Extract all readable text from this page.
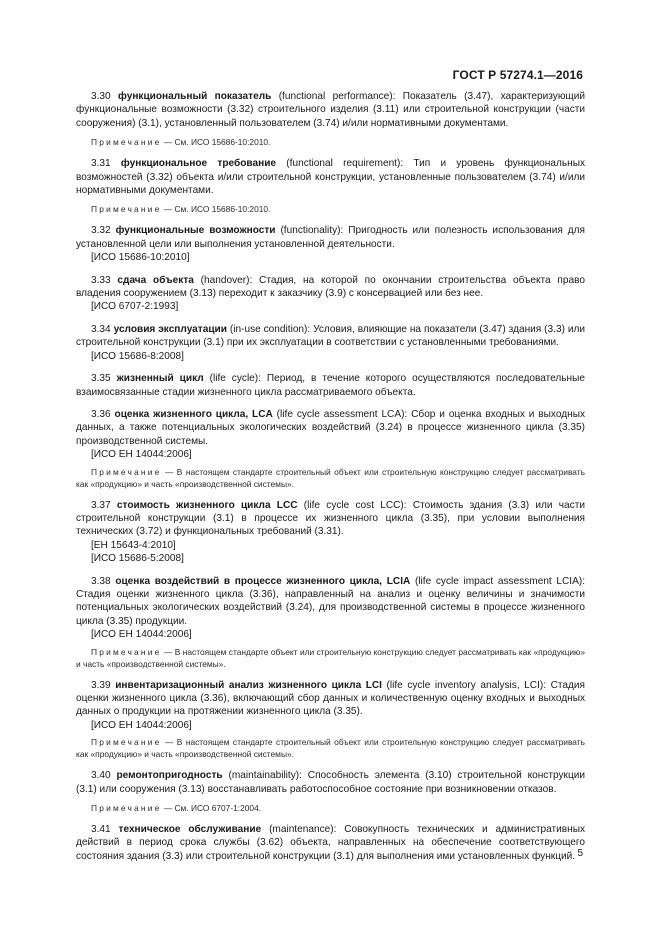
ГОСТ Р 57274.1—2016

3.30 функциональный показатель (functional performance): Показатель (3.47), характеризующий функциональные возможности (3.32) строительного изделия (3.11) или строительной конструкции (части сооружения) (3.1), установленный пользователем (3.74) и/или нормативными документами.

Примечание — См. ИСО 15686-10:2010.

3.31 функциональное требование (functional requirement): Тип и уровень функциональных возможностей (3.32) объекта и/или строительной конструкции, установленные пользователем (3.74) и/или нормативными документами.

Примечание — См. ИСО 15686-10:2010.

3.32 функциональные возможности (functionality): Пригодность или полезность использования для установленной цели или выполнения установленной деятельности.

[ИСО 15686-10:2010]

3.33 сдача объекта (handover): Стадия, на которой по окончании строительства объекта право владения сооружением (3.13) переходит к заказчику (3.9) с консервацией или без нее.

[ИСО 6707-2:1993]

3.34 условия эксплуатации (in-use condition): Условия, влияющие на показатели (3.47) здания (3.3) или строительной конструкции (3.1) при их эксплуатации в соответствии с установленными требованиями.

[ИСО 15686-8:2008]

3.35 жизненный цикл (life cycle): Период, в течение которого осуществляются последовательные взаимосвязанные стадии жизненного цикла рассматриваемого объекта.

3.36 оценка жизненного цикла, LCA (life cycle assessment LCA): Сбор и оценка входных и выходных данных, а также потенциальных экологических воздействий (3.24) в процессе жизненного цикла (3.35) производственной системы.

[ИСО ЕН 14044:2006]
Примечание — В настоящем стандарте строительный объект или строительную конструкцию следует рассматривать как «продукцию» и часть «производственной системы».

3.37 стоимость жизненного цикла LCC (life cycle cost LCC): Стоимость здания (3.3) или части строительной конструкции (3.1) в процессе их жизненного цикла (3.35), при условии выполнения технических (3.72) и функциональных требований (3.31).

[ЕН 15643-4:2010]
[ИСО 15686-5:2008]

3.38 оценка воздействий в процессе жизненного цикла, LCIA (life cycle impact assessment LCIA): Стадия оценки жизненного цикла (3.36), направленный на анализ и оценку величины и значимости потенциальных экологических воздействий (3.24), для производственной системы в процессе жизненного цикла (3.35) продукции.

[ИСО ЕН 14044:2006]
Примечание — В настоящем стандарте объект или строительную конструкцию следует рассматривать как «продукцию» и часть «производственной системы».

3.39 инвентаризационный анализ жизненного цикла LCI (life cycle inventory analysis, LCI): Стадия оценки жизненного цикла (3.36), включающий сбор данных и количественную оценку входных и выходных данных о продукции на протяжении жизненного цикла (3.35).

[ИСО ЕН 14044:2006]
Примечание — В настоящем стандарте строительный объект или строительную конструкцию следует рассматривать как «продукцию» и часть «производственной системы».

3.40 ремонтопригодность (maintainability): Способность элемента (3.10) строительной конструкции (3.1) или сооружения (3.13) восстанавливать работоспособное состояние при возникновении отказов.

Примечание — См. ИСО 6707-1:2004.

3.41 техническое обслуживание (maintenance): Совокупность технических и административных действий в период срока службы (3.62) объекта, направленных на обеспечение соответствующего состояния здания (3.3) или строительной конструкции (3.1) для выполнения ими установленных функций. 5
